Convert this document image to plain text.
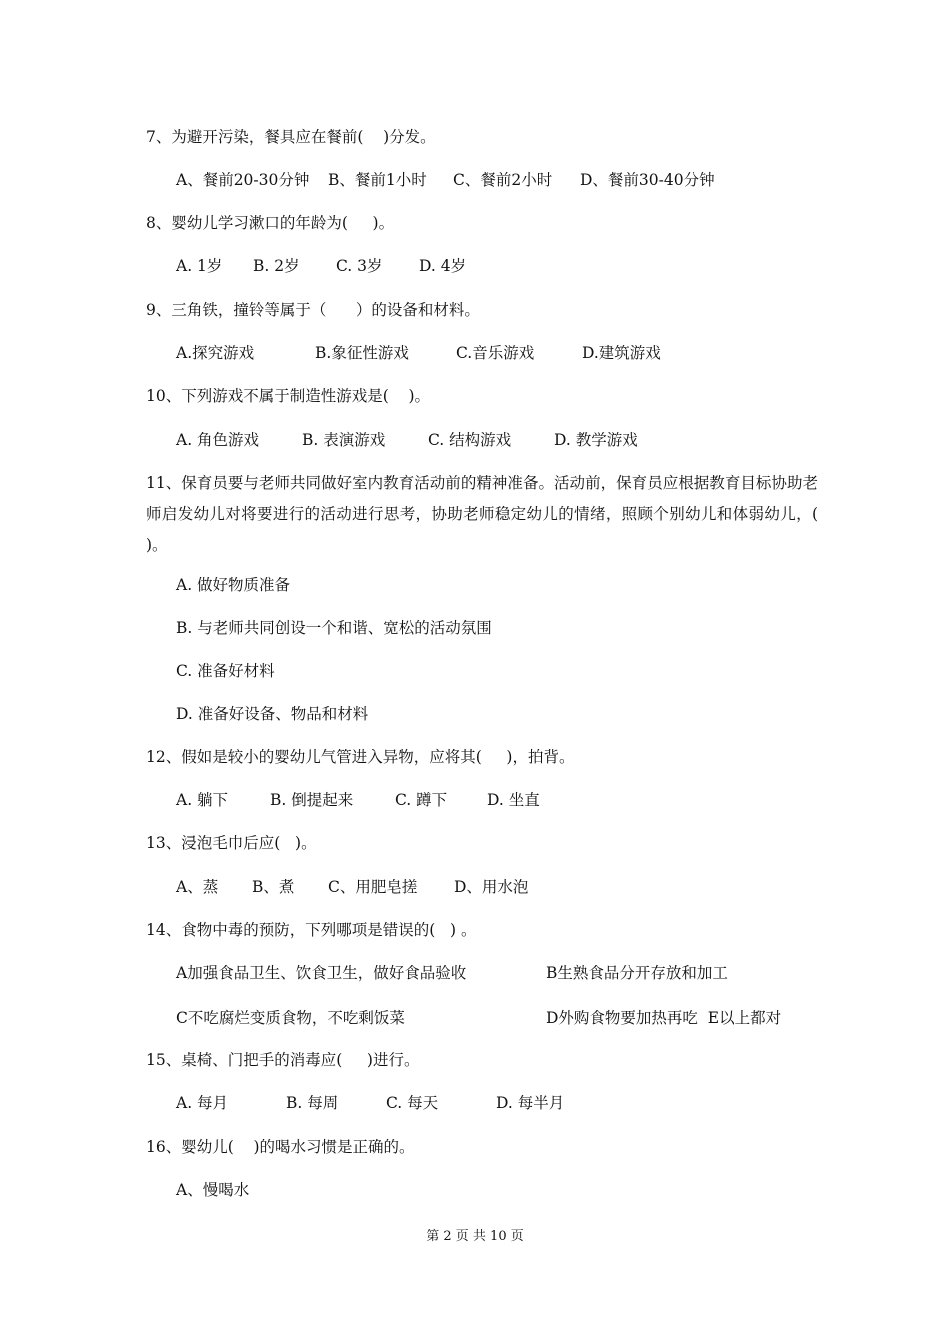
7、为避开污染，餐具应在餐前(    )分发。
A、餐前20-30分钟 B、餐前1小时 C、餐前2小时 D、餐前30-40分钟
8、婴幼儿学习漱口的年龄为(     )。
A. 1岁 B. 2岁 C. 3岁 D. 4岁
9、三角铁，撞铃等属于（      ）的设备和材料。
A.探究游戏	B.象征性游戏	C.音乐游戏	D.建筑游戏
10、下列游戏不属于制造性游戏是(    )。
A. 角色游戏	B. 表演游戏	C. 结构游戏	D. 教学游戏
11、保育员要与老师共同做好室内教育活动前的精神准备。活动前，保育员应根据教育目标协助老师启发幼儿对将要进行的活动进行思考，协助老师稳定幼儿的情绪，照顾个别幼儿和体弱幼儿，( )。
A. 做好物质准备
B. 与老师共同创设一个和谐、宽松的活动氛围
C. 准备好材料
D. 准备好设备、物品和材料
12、假如是较小的婴幼儿气管进入异物，应将其(     )，拍背。
A. 躺下	B. 倒提起来	C. 蹲下	D. 坐直
13、浸泡毛巾后应(   )。
A、蒸 B、煮 C、用肥皂搓 D、用水泡
14、食物中毒的预防，下列哪项是错误的(   ) 。
A加强食品卫生、饮食卫生，做好食品验收	B生熟食品分开存放和加工
C不吃腐烂变质食物，不吃剩饭菜	D外购食物要加热再吃  E以上都对
15、桌椅、门把手的消毒应(     )进行。
A. 每月	B. 每周	C. 每天	D. 每半月
16、婴幼儿(    )的喝水习惯是正确的。
A、慢喝水
第 2 页 共 10 页
